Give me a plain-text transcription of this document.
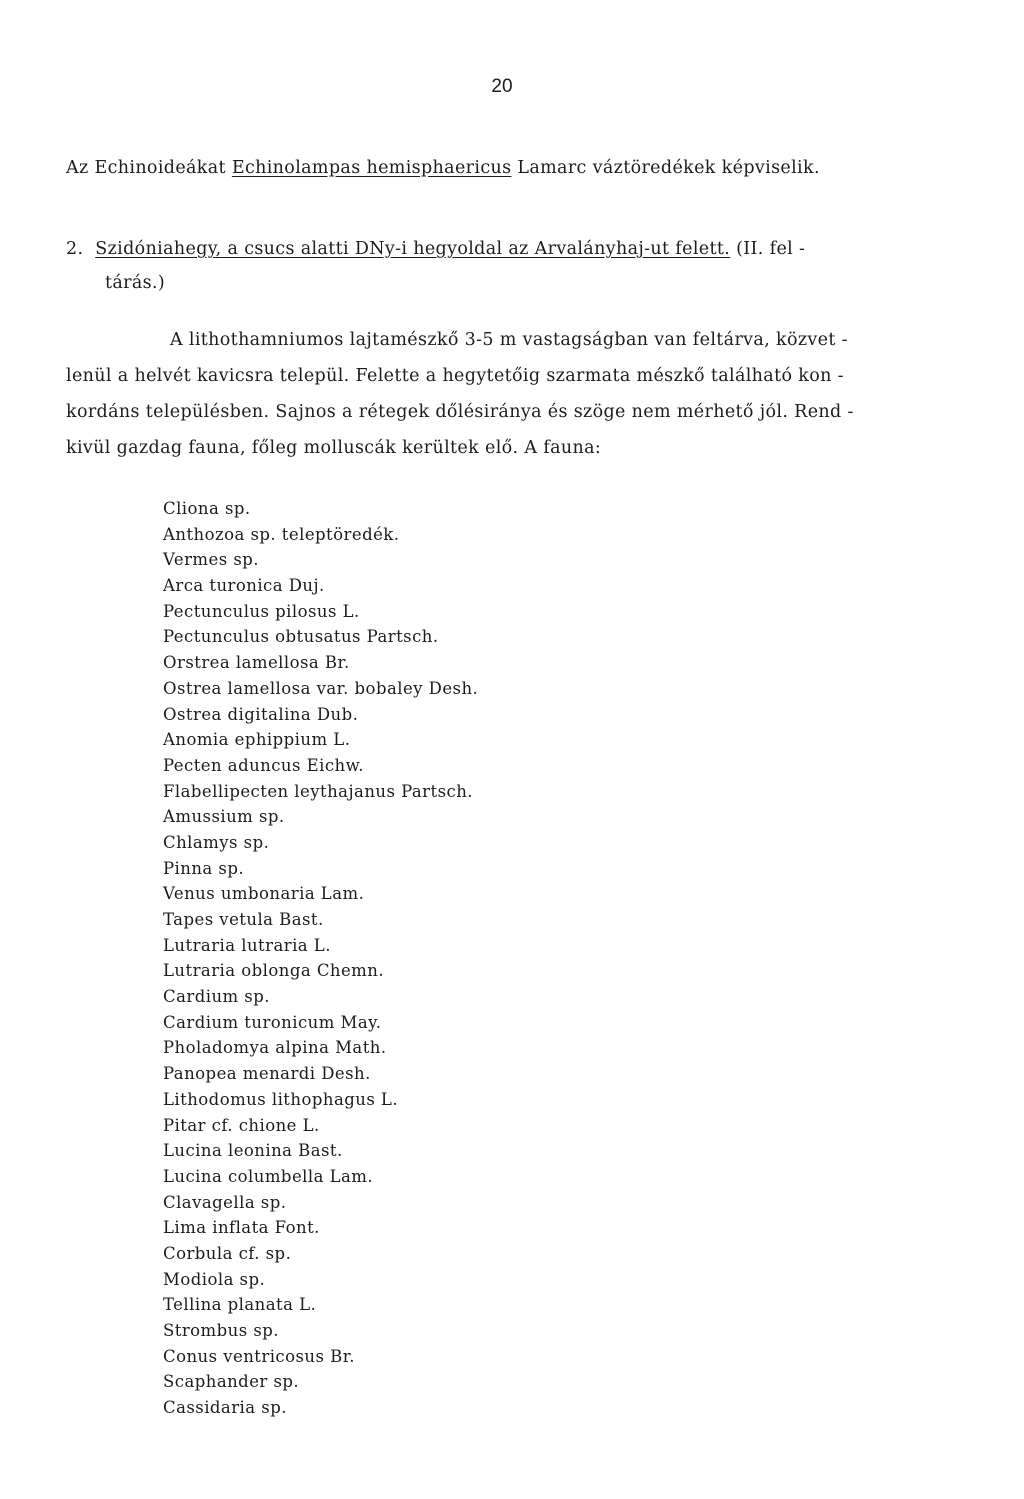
20
Az Echinoideákat Echinolampas hemisphaericus Lamarc váztöredékek képviselik.
2. Szidóniahegy, a csucs alatti DNy-i hegyoldal az Arvalányhaj-ut felett. (II. fel -
tárás.)
A lithothamniumos lajtamészkő 3-5 m vastagságban van feltárva, közvet -
lenül a helvét kavicsra települ. Felette a hegytetőig szarmata mészkő található kon -
kordáns településben. Sajnos a rétegek dőlésiránya és szöge nem mérhető jól. Rend -
kivül gazdag fauna, főleg molluscák kerültek elő. A fauna:
Cliona sp.
Anthozoa sp. teleptöredék.
Vermes sp.
Arca turonica Duj.
Pectunculus pilosus L.
Pectunculus obtusatus Partsch.
Orstrea lamellosa Br.
Ostrea lamellosa var. bobaley Desh.
Ostrea digitalina Dub.
Anomia ephippium L.
Pecten aduncus Eichw.
Flabellipecten leythajanus Partsch.
Amussium sp.
Chlamys sp.
Pinna sp.
Venus umbonaria Lam.
Tapes vetula Bast.
Lutraria lutraria L.
Lutraria oblonga Chemn.
Cardium sp.
Cardium turonicum May.
Pholadomya alpina Math.
Panopea menardi Desh.
Lithodomus lithophagus L.
Pitar cf. chione L.
Lucina leonina Bast.
Lucina columbella Lam.
Clavagella sp.
Lima inflata Font.
Corbula cf. sp.
Modiola sp.
Tellina planata L.
Strombus sp.
Conus ventricosus Br.
Scaphander sp.
Cassidaria sp.
